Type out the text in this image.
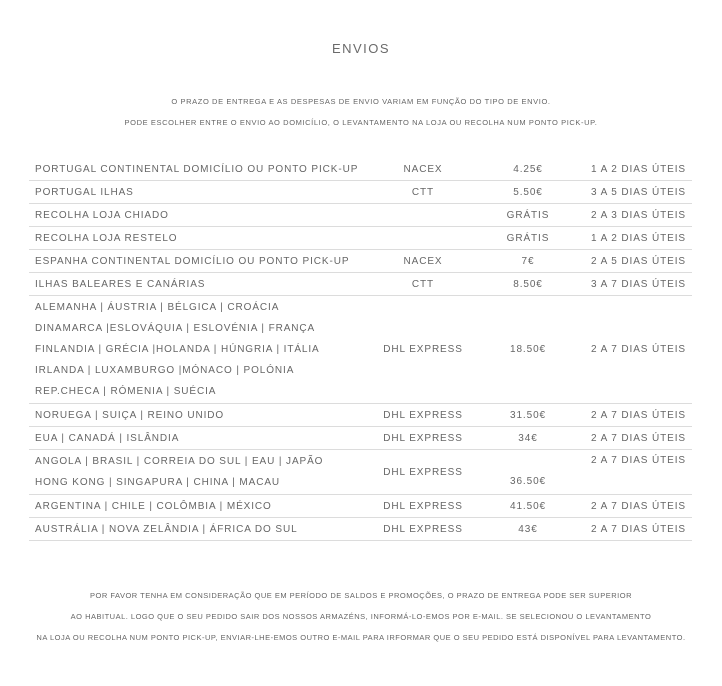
ENVIOS

O PRAZO DE ENTREGA E AS DESPESAS DE ENVIO VARIAM EM FUNÇÃO DO TIPO DE ENVIO.

PODE ESCOLHER ENTRE O ENVIO AO DOMICÍLIO, O LEVANTAMENTO NA LOJA OU RECOLHA NUM PONTO PICK-UP.

PORTUGAL CONTINENTAL DOMICÍLIO OU PONTO PICK-UP	NACEX	4.25€	1 A 2 DIAS ÚTEIS
PORTUGAL ILHAS	CTT	5.50€	3 A 5 DIAS ÚTEIS
RECOLHA LOJA CHIADO		GRÁTIS	2 A 3 DIAS ÚTEIS
RECOLHA LOJA RESTELO		GRÁTIS	1 A 2 DIAS ÚTEIS
ESPANHA CONTINENTAL DOMICÍLIO OU PONTO PICK-UP	NACEX	7€	2 A 5 DIAS ÚTEIS
ILHAS BALEARES E CANÁRIAS	CTT	8.50€	3 A 7 DIAS ÚTEIS

ALEMANHA | ÁUSTRIA | BÉLGICA | CROÁCIA
DINAMARCA |ESLOVÁQUIA | ESLOVÉNIA | FRANÇA
FINLANDIA | GRÉCIA |HOLANDA | HÚNGRIA | ITÁLIA
IRLANDA | LUXAMBURGO |MÓNACO | POLÓNIA
REP.CHECA | RÓMENIA | SUÉCIA	DHL EXPRESS	18.50€	2 A 7 DIAS ÚTEIS
NORUEGA | SUIÇA | REINO UNIDO	DHL EXPRESS	31.50€	2 A 7 DIAS ÚTEIS
EUA | CANADÁ | ISLÂNDIA	DHL EXPRESS	34€	2 A 7 DIAS ÚTEIS

ANGOLA | BRASIL | CORREIA DO SUL | EAU | JAPÃO
HONG KONG | SINGAPURA | CHINA | MACAU	DHL EXPRESS	36.50€	2 A 7 DIAS ÚTEIS
ARGENTINA | CHILE | COLÔMBIA | MÉXICO	DHL EXPRESS	41.50€	2 A 7 DIAS ÚTEIS
AUSTRÁLIA | NOVA ZELÂNDIA | ÁFRICA DO SUL	DHL EXPRESS	43€	2 A 7 DIAS ÚTEIS

POR FAVOR TENHA EM CONSIDERAÇÃO QUE EM PERÍODO DE SALDOS E PROMOÇÕES, O PRAZO DE ENTREGA PODE SER SUPERIOR

AO HABITUAL. LOGO QUE O SEU PEDIDO SAIR DOS NOSSOS ARMAZÉNS, INFORMÁ-LO-EMOS POR E-MAIL. SE SELECIONOU O LEVANTAMENTO

NA LOJA OU RECOLHA NUM PONTO PICK-UP, ENVIAR-LHE-EMOS OUTRO E-MAIL PARA IRFORMAR QUE O SEU PEDIDO ESTÁ DISPONÍVEL PARA LEVANTAMENTO.
